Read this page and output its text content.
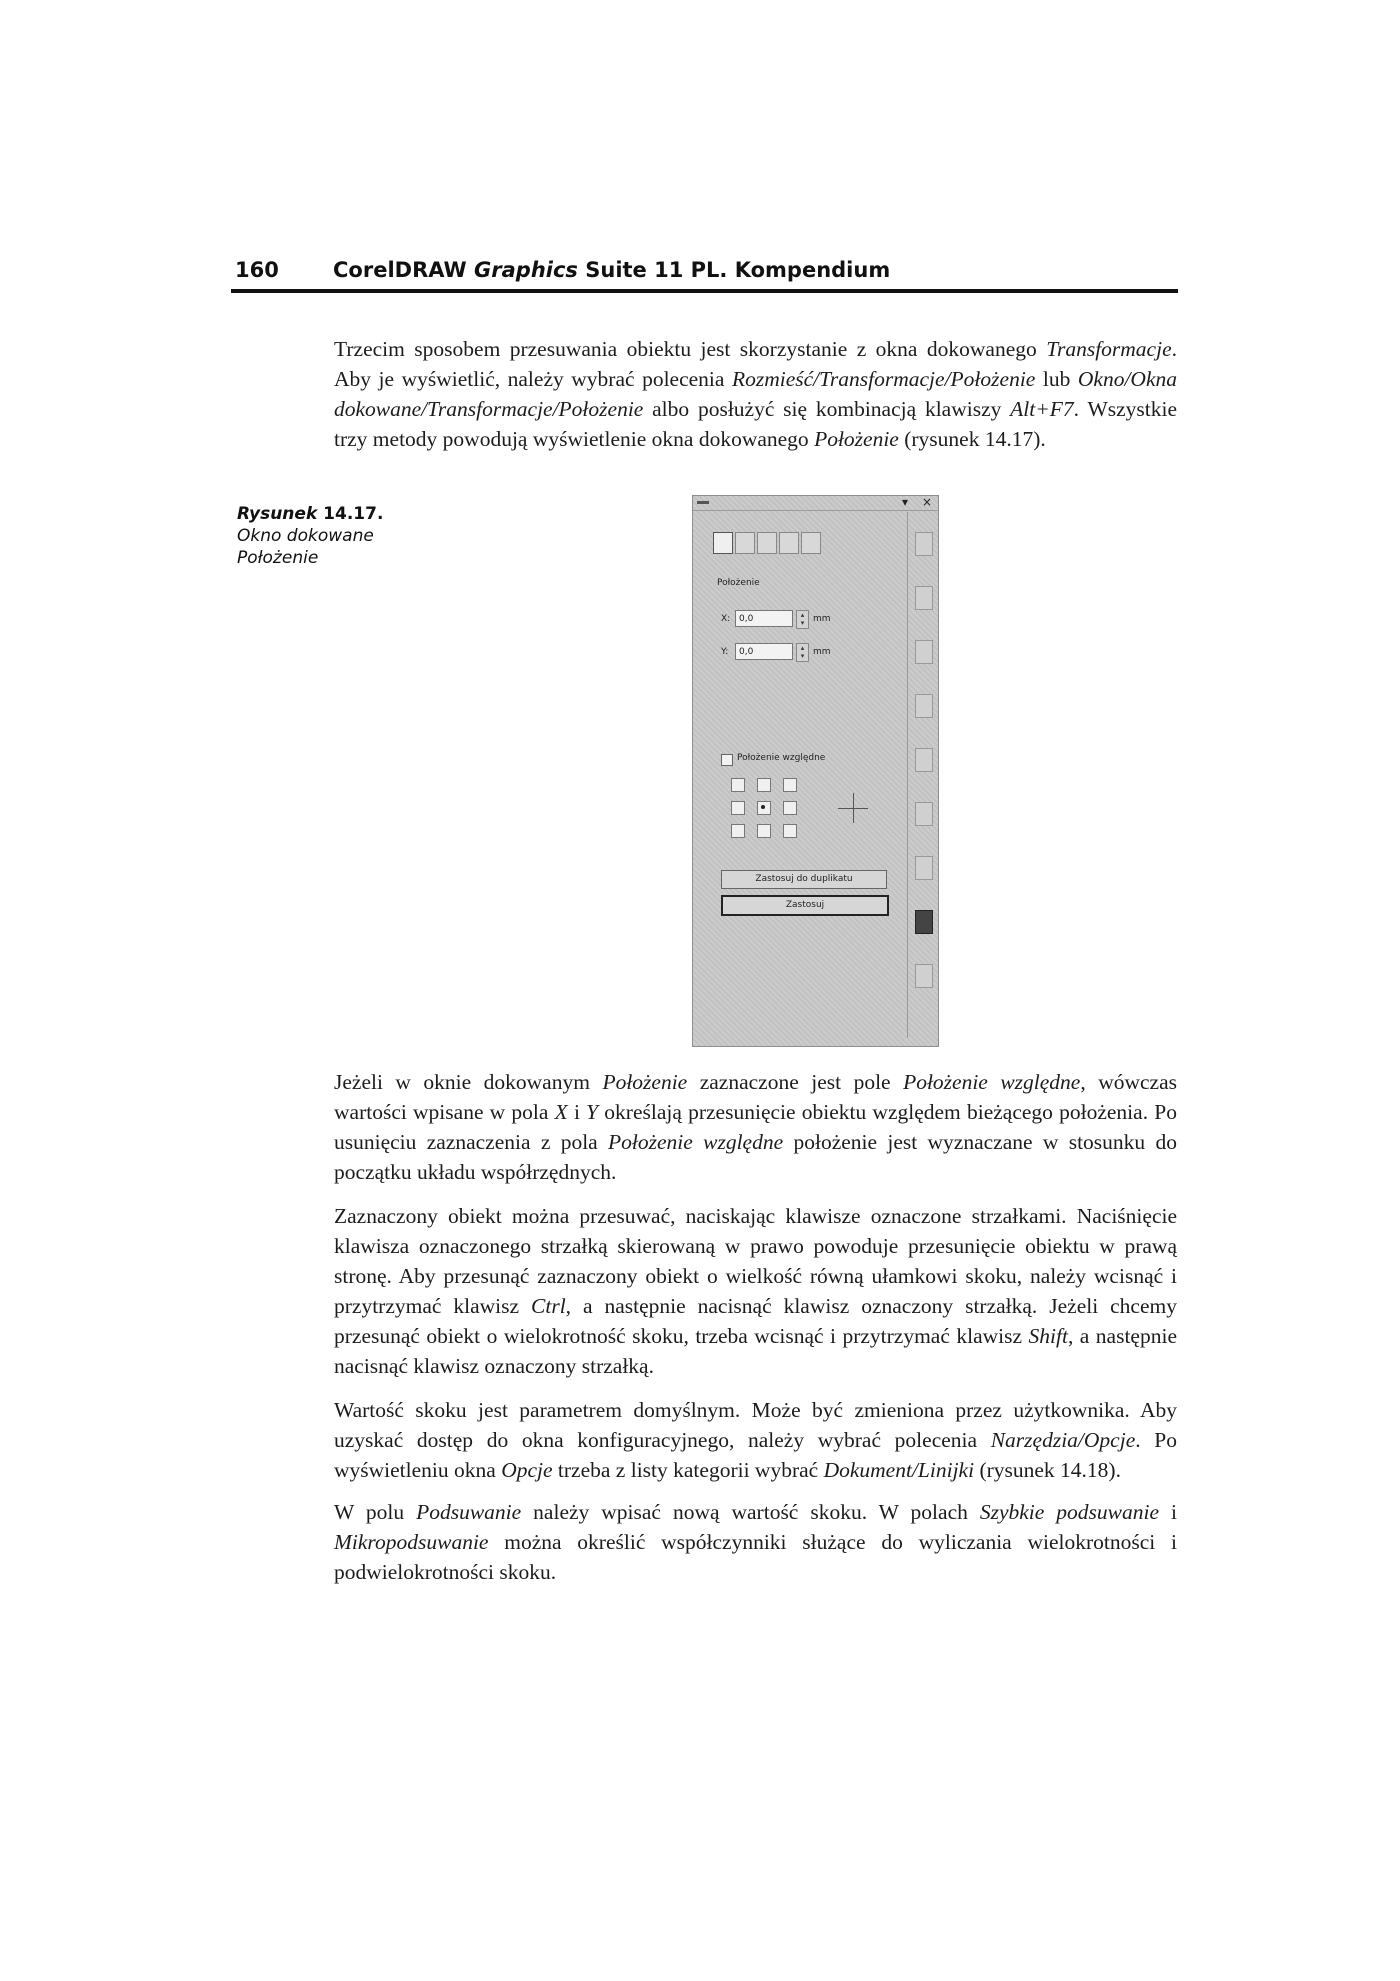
160	CorelDRAW Graphics Suite 11 PL. Kompendium

Trzecim sposobem przesuwania obiektu jest skorzystanie z okna dokowanego Transformacje. Aby je wyświetlić, należy wybrać polecenia Rozmieść/Transformacje/Położenie lub Okno/Okna dokowane/Transformacje/Położenie albo posłużyć się kombinacją klawiszy Alt+F7. Wszystkie trzy metody powodują wyświetlenie okna dokowanego Położenie (rysunek 14.17).

Rysunek 14.17.
Okno dokowane
Położenie
▾ ×
Położenie
X: 0,0	▴
▾ mm
Y:	0,0	▴
▾ mm
Położenie względne
Zastosuj do duplikatu
Zastosuj

Jeżeli w oknie dokowanym Położenie zaznaczone jest pole Położenie względne, wówczas wartości wpisane w pola X i Y określają przesunięcie obiektu względem bieżącego położenia. Po usunięciu zaznaczenia z pola Położenie względne położenie jest wyznaczane w stosunku do początku układu współrzędnych.

Zaznaczony obiekt można przesuwać, naciskając klawisze oznaczone strzałkami. Naciśnięcie klawisza oznaczonego strzałką skierowaną w prawo powoduje przesunięcie obiektu w prawą stronę. Aby przesunąć zaznaczony obiekt o wielkość równą ułamkowi skoku, należy wcisnąć i przytrzymać klawisz Ctrl, a następnie nacisnąć klawisz oznaczony strzałką. Jeżeli chcemy przesunąć obiekt o wielokrotność skoku, trzeba wcisnąć i przytrzymać klawisz Shift, a następnie nacisnąć klawisz oznaczony strzałką.

Wartość skoku jest parametrem domyślnym. Może być zmieniona przez użytkownika. Aby uzyskać dostęp do okna konfiguracyjnego, należy wybrać polecenia Narzędzia/Opcje. Po wyświetleniu okna Opcje trzeba z listy kategorii wybrać Dokument/Linijki (rysunek 14.18).

W polu Podsuwanie należy wpisać nową wartość skoku. W polach Szybkie podsuwanie i Mikropodsuwanie można określić współczynniki służące do wyliczania wielokrotności i podwielokrotności skoku.
